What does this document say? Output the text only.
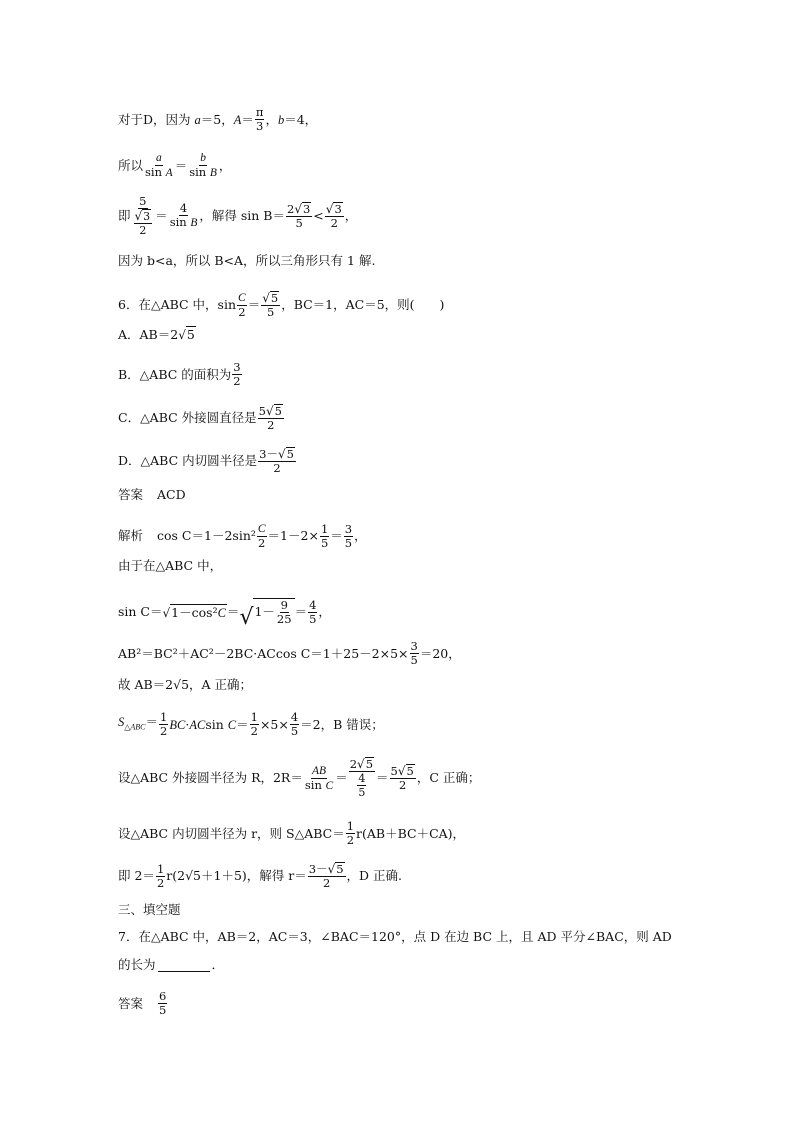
对于D，因为 a＝5，$A= \frac{\pi}{3}$ ，b＝4，
所以 $\frac{a}{\text{sin A}} = \frac{b}{\text{sin B}}$ ，
即 $\frac{5}{\frac{√ 3}{2}} = \frac{4}{\text{sin B}}$ ，解得 $\sin B= \frac{2 √ 3}{5} < \frac{√ 3}{2}$ ，
因为 b<a，所以 B<A，所以三角形只有 1 解.
6．在△ABC 中，$\sin \frac{C}{2} = \frac{√ 5}{5}$ ，BC＝1，AC＝5，则(　　)
A．AB＝2 √ 5
B．△ABC 的面积为 $\frac{3}{2}$
C．△ABC 外接圆直径是 $\frac{5 √ 5}{2}$
D．△ABC 内切圆半径是 $\frac{3- √ 5}{2}$
答案 ACD
解析 $\cos C=1-2\sin^2 \frac{C}{2} =1-2\times \frac{1}{5} = \frac{3}{5}$ ，
由于在△ABC 中，
sin C＝ √ 1－cos²C ＝ √ $1- \frac{9}{25} = \frac{4}{5}$ ，
AB²＝BC²＋AC²－2BC·ACcos $C=1+25-2\times 5\times \frac{3}{5} =20$，
故 AB＝2√5，A 正确；
$S_{\triangle ABC}= \frac{1}{2} BC\cdot ACsin$ $C= \frac{1}{2} \times 5\times \frac{4}{5} =2$，B 错误；
设△ABC 外接圆半径为 R，$2R= \frac{AB}{\text{sin C}} = \frac{2 √ 5}{\frac{4}{5}} = \frac{5 √ 5}{2}$ ，C 正确；
设△ABC 内切圆半径为 r，则 S△ABC＝ $\frac{1}{2} r(AB+BC+CA)$，
即 $2= \frac{1}{2} r(2√5+1+5)$，解得 $r= \frac{3- √ 5}{2}$ ，D 正确.
三、填空题
7．在△ABC 中，AB＝2，AC＝3，∠BAC＝120°，点 D 在边 BC 上，且 AD 平分∠BAC，则 AD
的长为	．
答案 $\frac{6}{5}$
